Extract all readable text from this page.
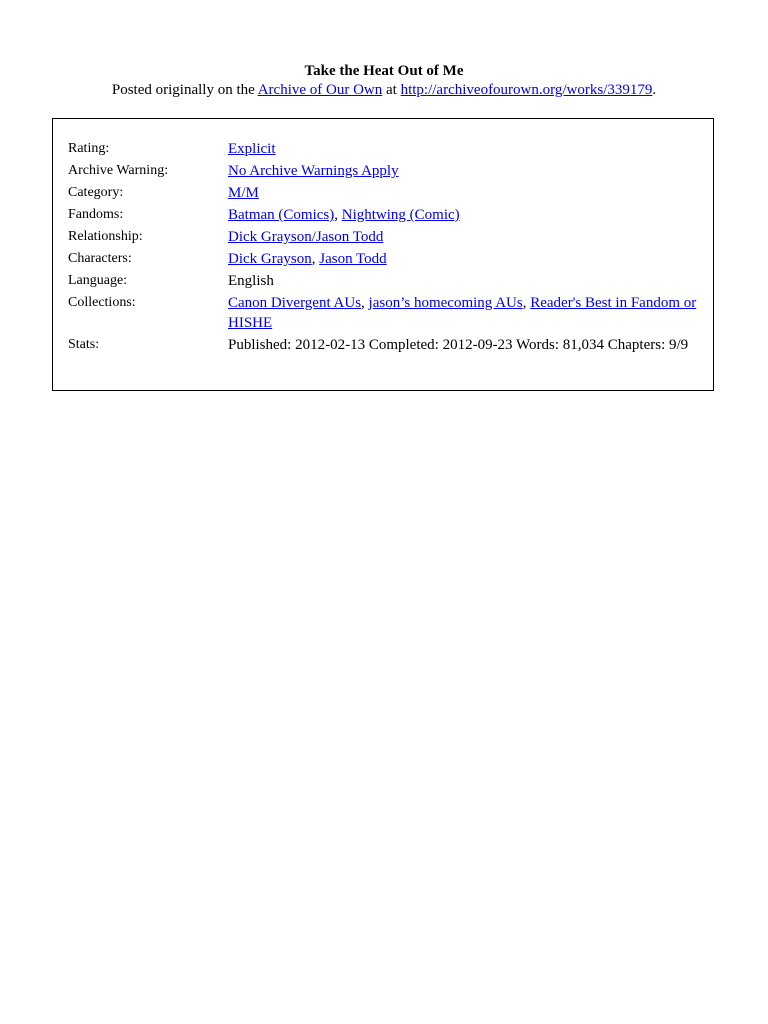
Take the Heat Out of Me
Posted originally on the Archive of Our Own at http://archiveofourown.org/works/339179.
Rating:	Explicit
Archive Warning:	No Archive Warnings Apply
Category:	M/M
Fandoms:	Batman (Comics), Nightwing (Comic)
Relationship:	Dick Grayson/Jason Todd
Characters:	Dick Grayson, Jason Todd
Language:	English
Collections:	Canon Divergent AUs, jason’s homecoming AUs, Reader's Best in Fandom or HISHE
Stats:	Published: 2012-02-13 Completed: 2012-09-23 Words: 81,034 Chapters: 9/9
